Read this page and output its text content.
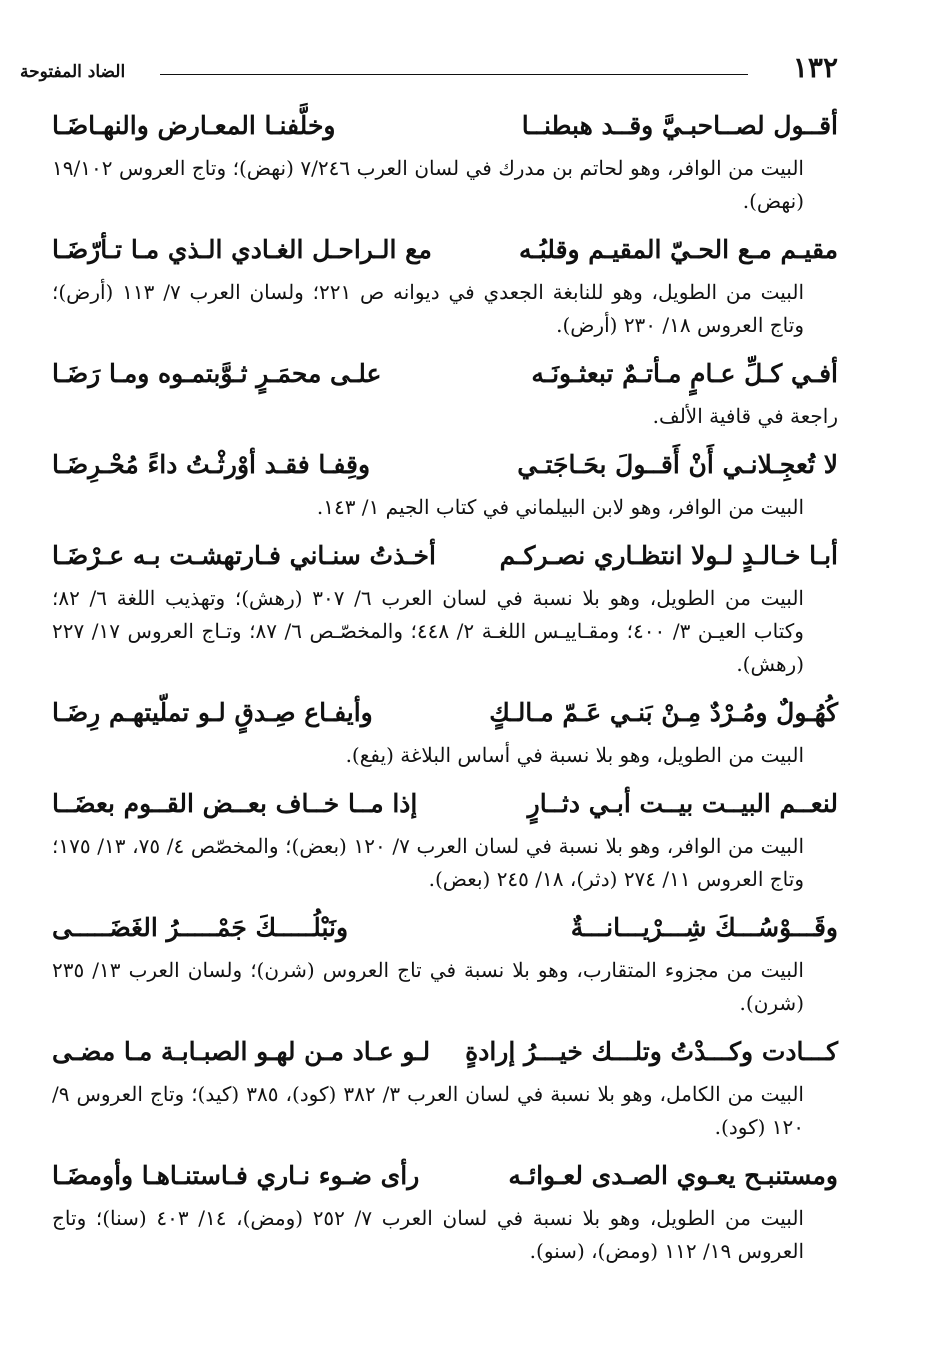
١٣٢
الضاد المفتوحة
أقــول لصــاحبـيَّ وقــد هبطنــا
وخلَّفنـا المعـارض والنهـاضَـا
البيت من الوافر، وهو لحاتم بن مدرك في لسان العرب ٧/٢٤٦ (نهض)؛ وتاج العروس ١٩/١٠٢ (نهض).
مقيـم مـع الحـيّ المقيـم وقلبُـه
مع الـراحـل الغـادي الـذي مـا تـأرّضَـا
البيت من الطويل، وهو للنابغة الجعدي في ديوانه ص ٢٢١؛ ولسان العرب ٧/ ١١٣ (أرض)؛ وتاج العروس ١٨/ ٢٣٠ (أرض).
أفـي كـلِّ عـامٍ مـأتـمٌ تبعثـونَـه
علـى محمَـرٍ ثـوَّبتمـوه ومـا رَضَـا
راجعة في قافية الألف.
لا تُعجِـلانـي أَنْ أَقــولَ بحَـاجَتـي
وقِفـا فقـد أوْرثْـتُ داءً مُحْـرِضَـا
البيت من الوافر، وهو لابن البيلماني في كتاب الجيم ١/ ١٤٣.
أبـا خـالـدٍ لـولا انتظـاري نصـركـم
أخـذتُ سنـاني فـارتهشـت بـه عـرْضَـا
البيت من الطويل، وهو بلا نسبة في لسان العرب ٦/ ٣٠٧ (رهش)؛ وتهذيب اللغة ٦/ ٨٢؛ وكتاب العيـن ٣/ ٤٠٠؛ ومقـاييـس اللغـة ٢/ ٤٤٨؛ والمخصّـص ٦/ ٨٧؛ وتـاج العروس ١٧/ ٢٢٧ (رهش).
كُهُـولٌ ومُـرْدٌ مِـنْ بَنـي عَـمّ مـالـكٍ
وأيفـاع صِـدقٍ لـو تملّيتهـم رِضَـا
البيت من الطويل، وهو بلا نسبة في أساس البلاغة (يفع).
لنعــم البيــت بيــت أبـي دثــارٍ
إذا مــا خــاف بعــض القــوم بعضَــا
البيت من الوافر، وهو بلا نسبة في لسان العرب ٧/ ١٢٠ (بعض)؛ والمخصّص ٤/ ٧٥، ١٣/ ١٧٥؛ وتاج العروس ١١/ ٢٧٤ (دثر)، ١٨/ ٢٤٥ (بعض).
وقَـــوْسُـــكَ شِـــرْيـــانـــةٌ
ونَبْلُـــــكَ جَمْـــــرُ الغَضَـــــى
البيت من مجزوء المتقارب، وهو بلا نسبة في تاج العروس (شرن)؛ ولسان العرب ١٣/ ٢٣٥ (شرن).
كـــادت وكـــدْتُ وتلـــك خيـــرُ إرادةٍ
لـو عـاد مـن لهـو الصبـابـة مـا مضـى
البيت من الكامل، وهو بلا نسبة في لسان العرب ٣/ ٣٨٢ (كود)، ٣٨٥ (كيد)؛ وتاج العروس ٩/ ١٢٠ (كود).
ومستنبـح يعـوي الصـدى لعـوائـه
رأى ضـوء نـاري فـاستنـاهـا وأومضَـا
البيت من الطويل، وهو بلا نسبة في لسان العرب ٧/ ٢٥٢ (ومض)، ١٤/ ٤٠٣ (سنا)؛ وتاج العروس ١٩/ ١١٢ (ومض)، (سنو).
